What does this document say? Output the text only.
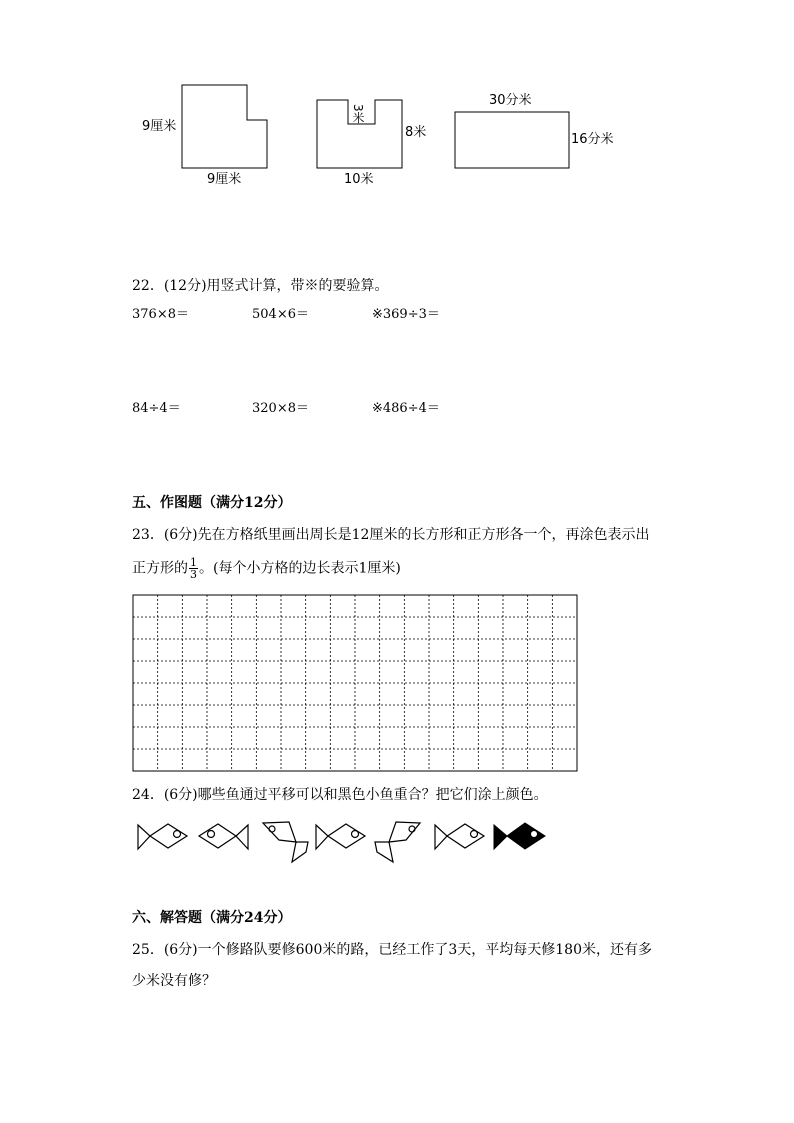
9厘米
9厘米
3米
8米
10米
30分米
16分米
22．(12分)用竖式计算，带※的要验算。
376×8＝	504×6＝	※369÷3＝
84÷4＝	320×8＝	※486÷4＝
五、作图题（满分12分）
23．(6分)先在方格纸里画出周长是12厘米的长方形和正方形各一个，再涂色表示出
正方形的 $\frac{1}{3}$ 。(每个小方格的边长表示1厘米)
24．(6分)哪些鱼通过平移可以和黑色小鱼重合？把它们涂上颜色。
六、解答题（满分24分）
25．(6分)一个修路队要修600米的路，已经工作了3天，平均每天修180米，还有多
少米没有修？
